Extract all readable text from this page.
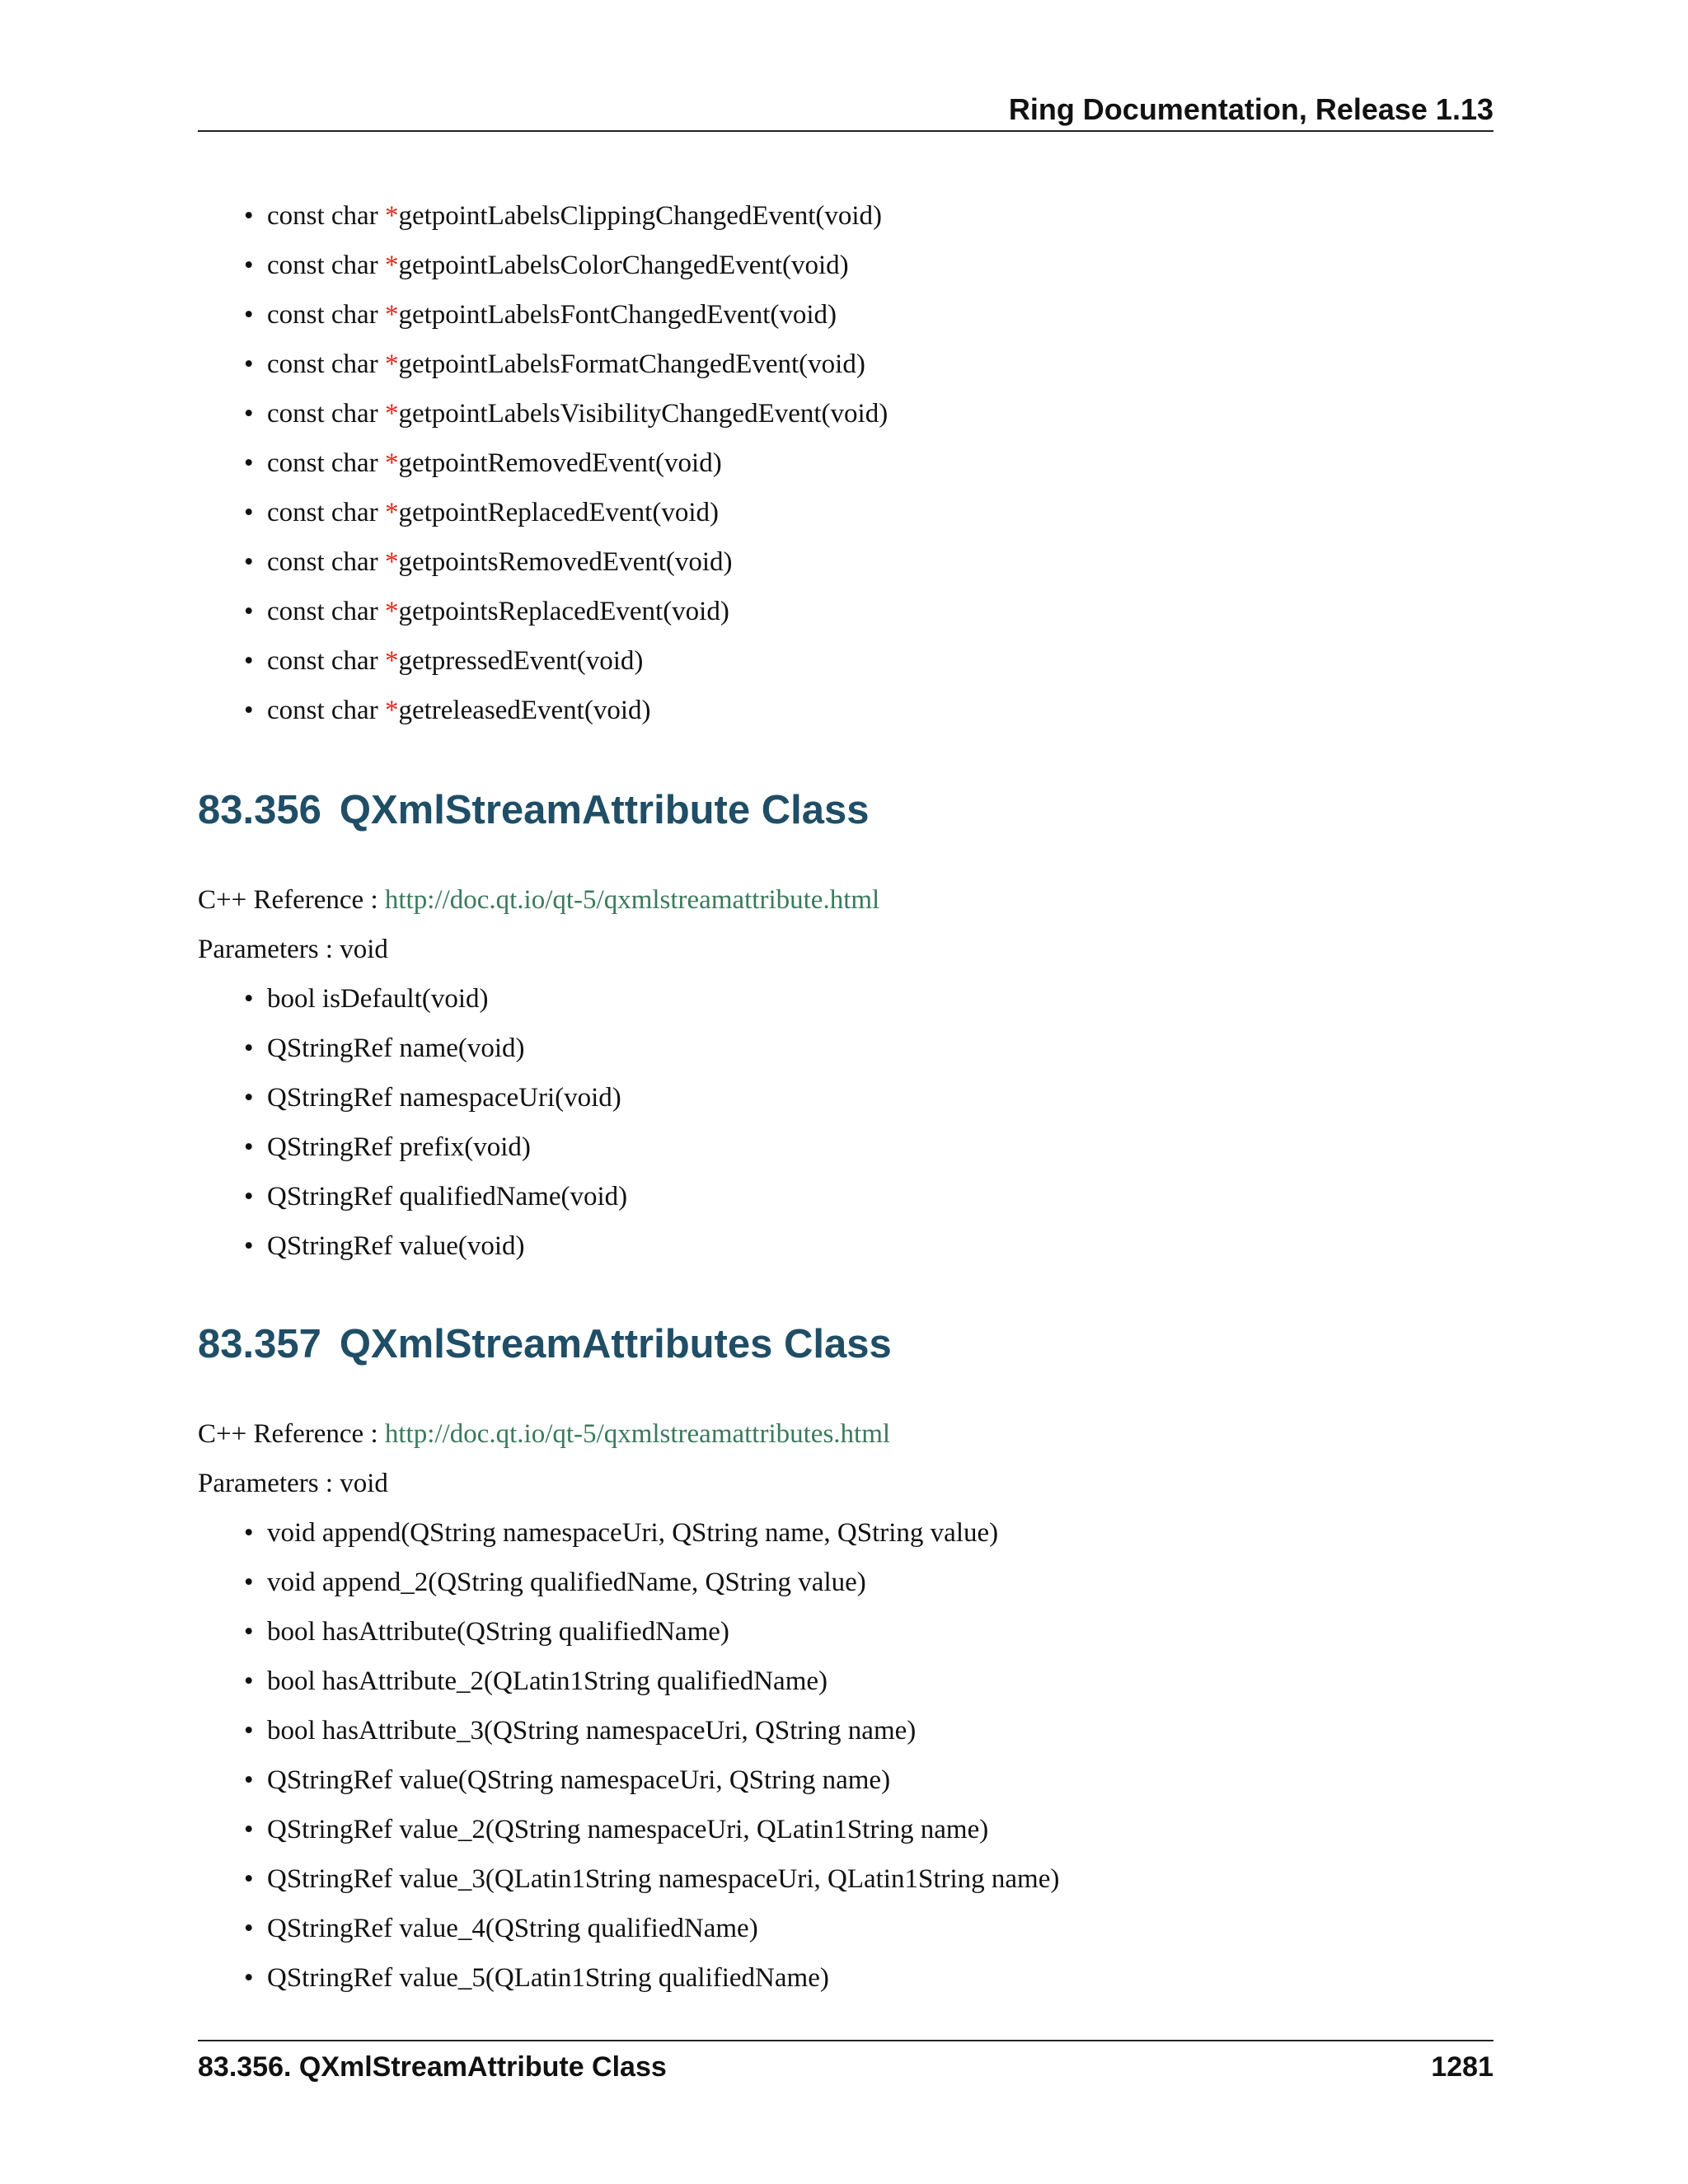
Ring Documentation, Release 1.13
• const char *getpointLabelsClippingChangedEvent(void)
• const char *getpointLabelsColorChangedEvent(void)
• const char *getpointLabelsFontChangedEvent(void)
• const char *getpointLabelsFormatChangedEvent(void)
• const char *getpointLabelsVisibilityChangedEvent(void)
• const char *getpointRemovedEvent(void)
• const char *getpointReplacedEvent(void)
• const char *getpointsRemovedEvent(void)
• const char *getpointsReplacedEvent(void)
• const char *getpressedEvent(void)
• const char *getreleasedEvent(void)
83.356 QXmlStreamAttribute Class
C++ Reference : http://doc.qt.io/qt-5/qxmlstreamattribute.html
Parameters : void
• bool isDefault(void)
• QStringRef name(void)
• QStringRef namespaceUri(void)
• QStringRef prefix(void)
• QStringRef qualifiedName(void)
• QStringRef value(void)
83.357 QXmlStreamAttributes Class
C++ Reference : http://doc.qt.io/qt-5/qxmlstreamattributes.html
Parameters : void
• void append(QString namespaceUri, QString name, QString value)
• void append_2(QString qualifiedName, QString value)
• bool hasAttribute(QString qualifiedName)
• bool hasAttribute_2(QLatin1String qualifiedName)
• bool hasAttribute_3(QString namespaceUri, QString name)
• QStringRef value(QString namespaceUri, QString name)
• QStringRef value_2(QString namespaceUri, QLatin1String name)
• QStringRef value_3(QLatin1String namespaceUri, QLatin1String name)
• QStringRef value_4(QString qualifiedName)
• QStringRef value_5(QLatin1String qualifiedName)
83.356. QXmlStreamAttribute Class	1281
